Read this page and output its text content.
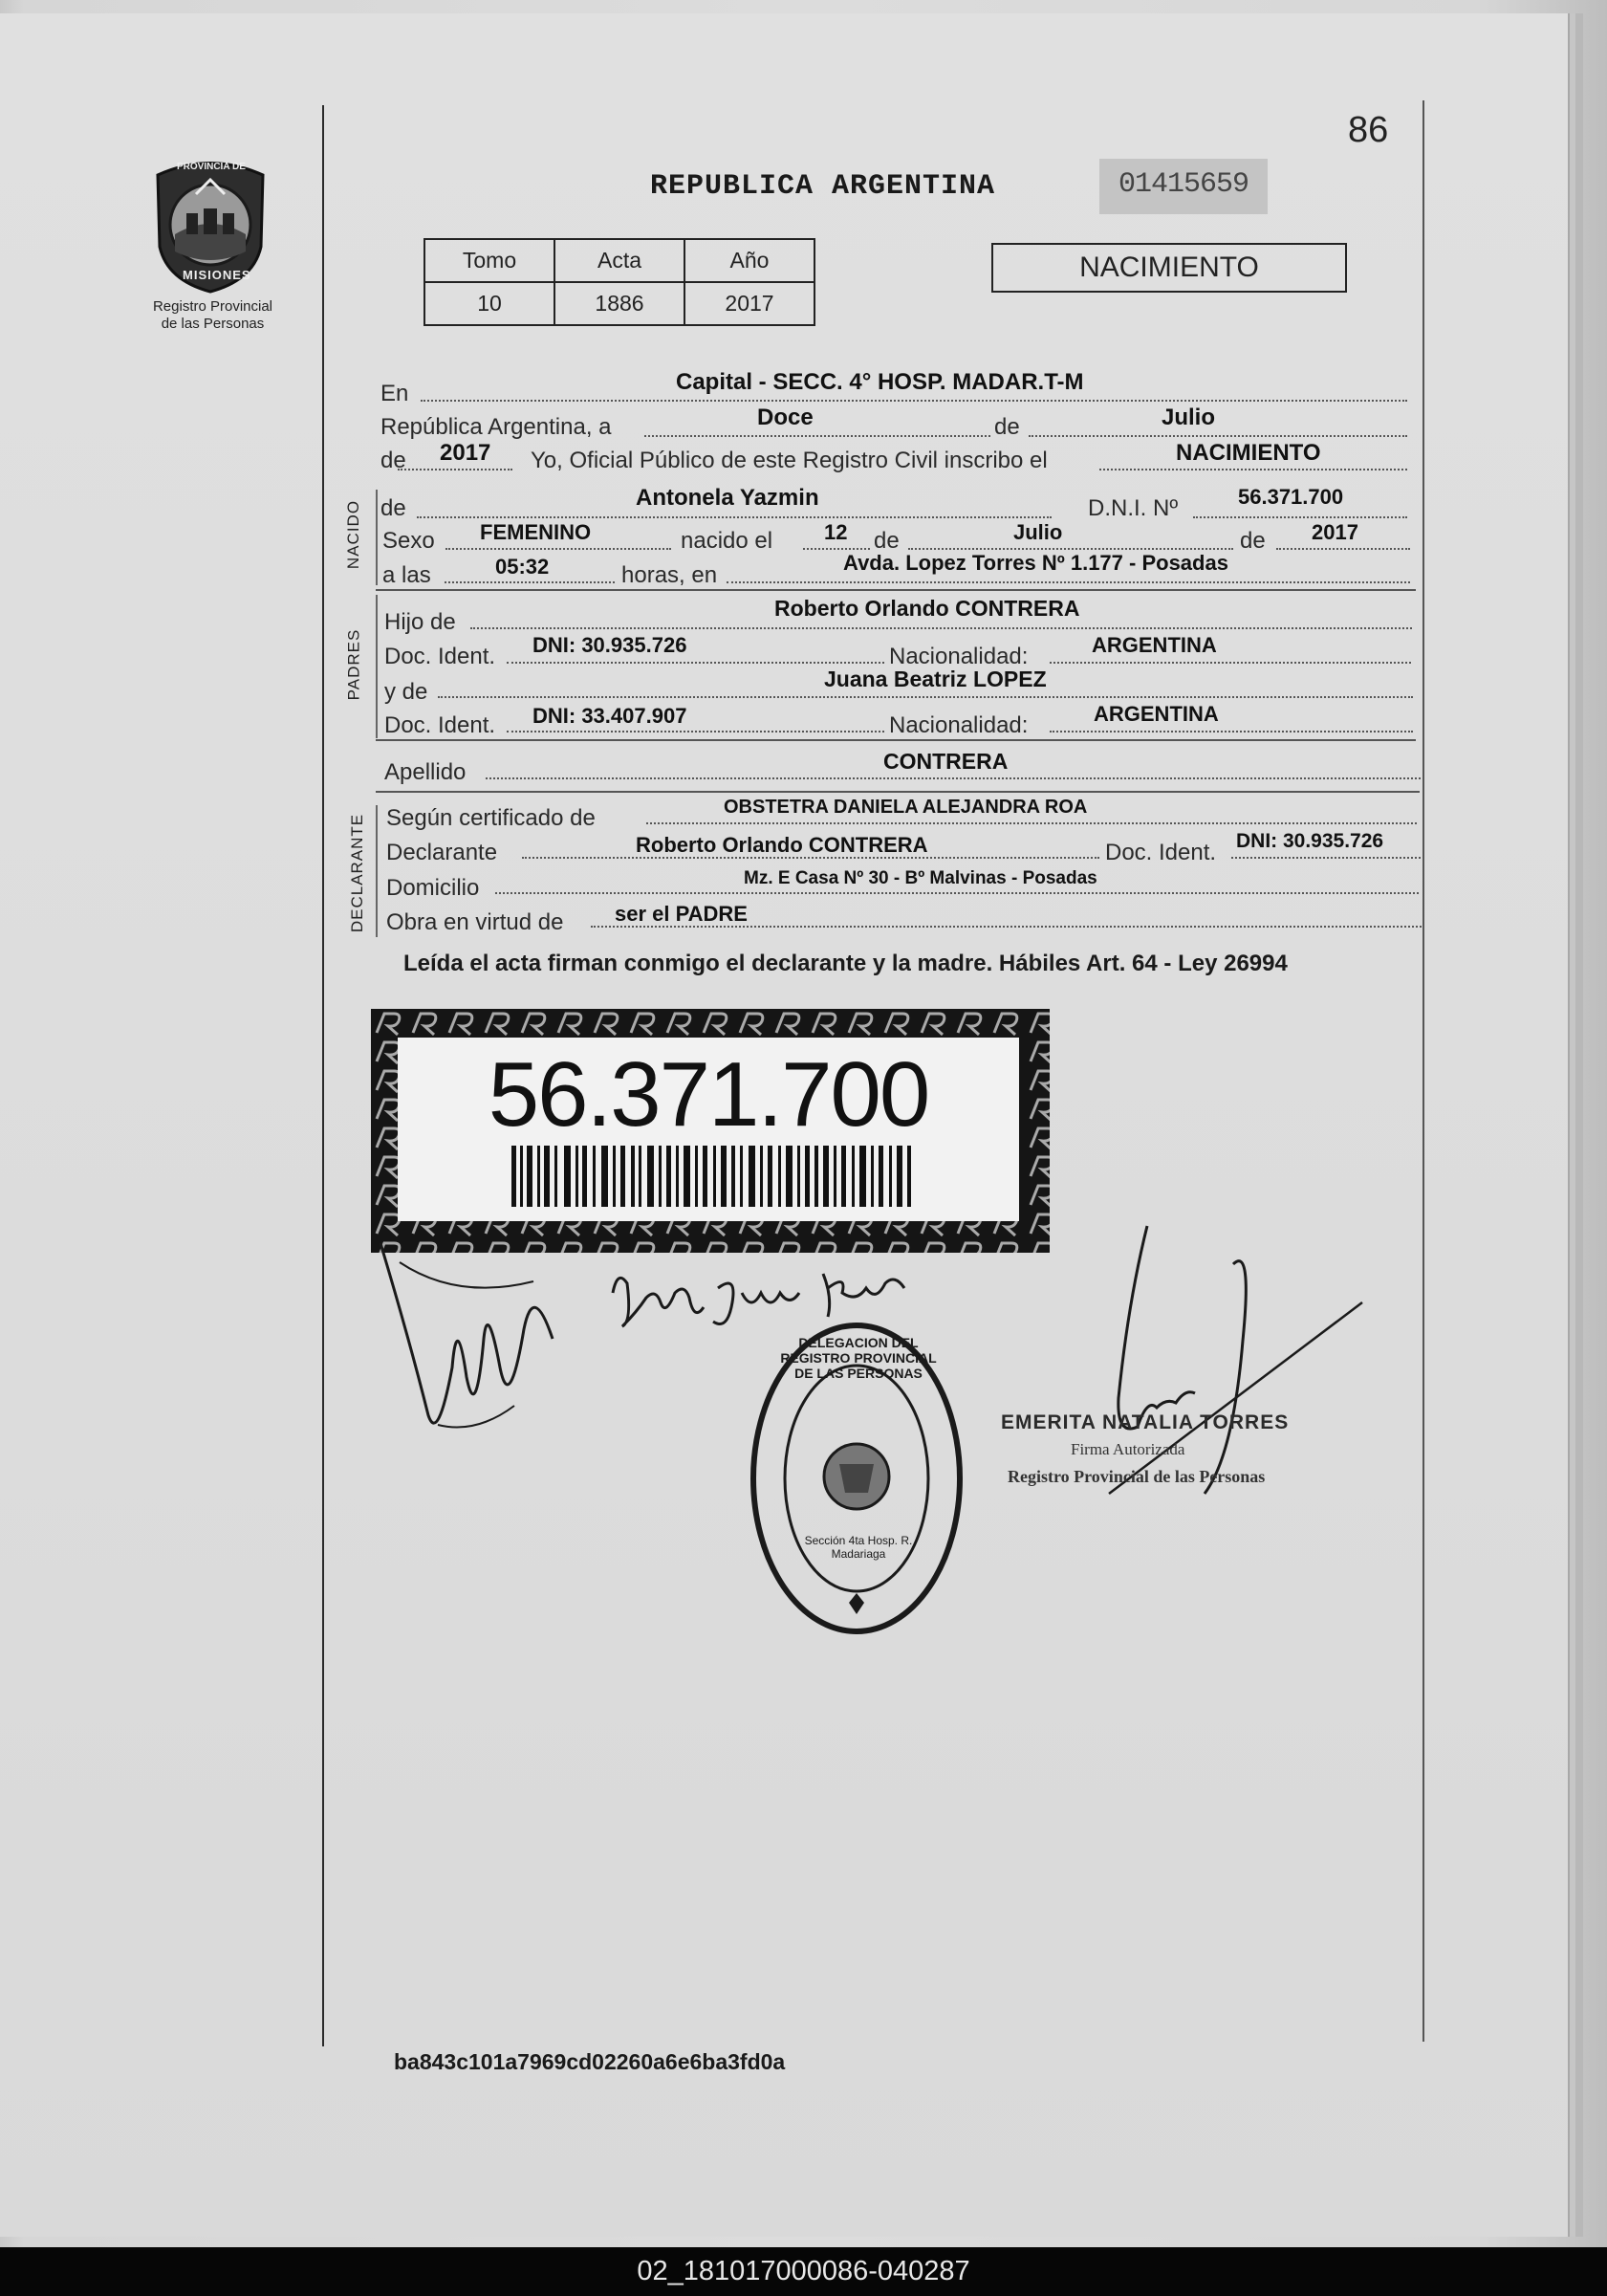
86
PROVINCIA DE
MISIONES
Registro Provincial
de las Personas
REPUBLICA ARGENTINA	01415659
Tomo	Acta	Año
10	1886	2017
NACIMIENTO
En	Capital - SECC. 4° HOSP. MADAR.T-M
República Argentina, a	Doce	de	Julio
de 2017 Yo, Oficial Público de este Registro Civil inscribo el	NACIMIENTO
NACIDO de	Antonela Yazmin	D.N.I. Nº	56.371.700
Sexo FEMENINO	nacido el 12 de	Julio	de 2017
a las	05:32	horas, en	Avda. Lopez Torres Nº 1.177 - Posadas
PADRES
Hijo de
Roberto Orlando CONTRERA
Doc. Ident. DNI: 30.935.726	Nacionalidad:	ARGENTINA
y de	Juana Beatriz LOPEZ
Doc. Ident. DNI: 33.407.907	Nacionalidad:	ARGENTINA
Apellido	CONTRERA
DECLARANTE Según certificado de	OBSTETRA DANIELA ALEJANDRA ROA
Declarante	Roberto Orlando CONTRERA	Doc. Ident. DNI: 30.935.726
Domicilio	Mz. E Casa Nº 30 - Bº Malvinas - Posadas
Obra en virtud de ser el PADRE
Leída el acta firman conmigo el declarante y la madre. Hábiles Art. 64 - Ley 26994
56.371.700
DELEGACION DEL REGISTRO PROVINCIAL DE LAS PERSONAS
Sección 4ta Hosp. R. Madariaga
EMERITA NATALIA TORRES
Firma Autorizada
Registro Provincial de las Personas
ba843c101a7969cd02260a6e6ba3fd0a
02_181017000086-040287
